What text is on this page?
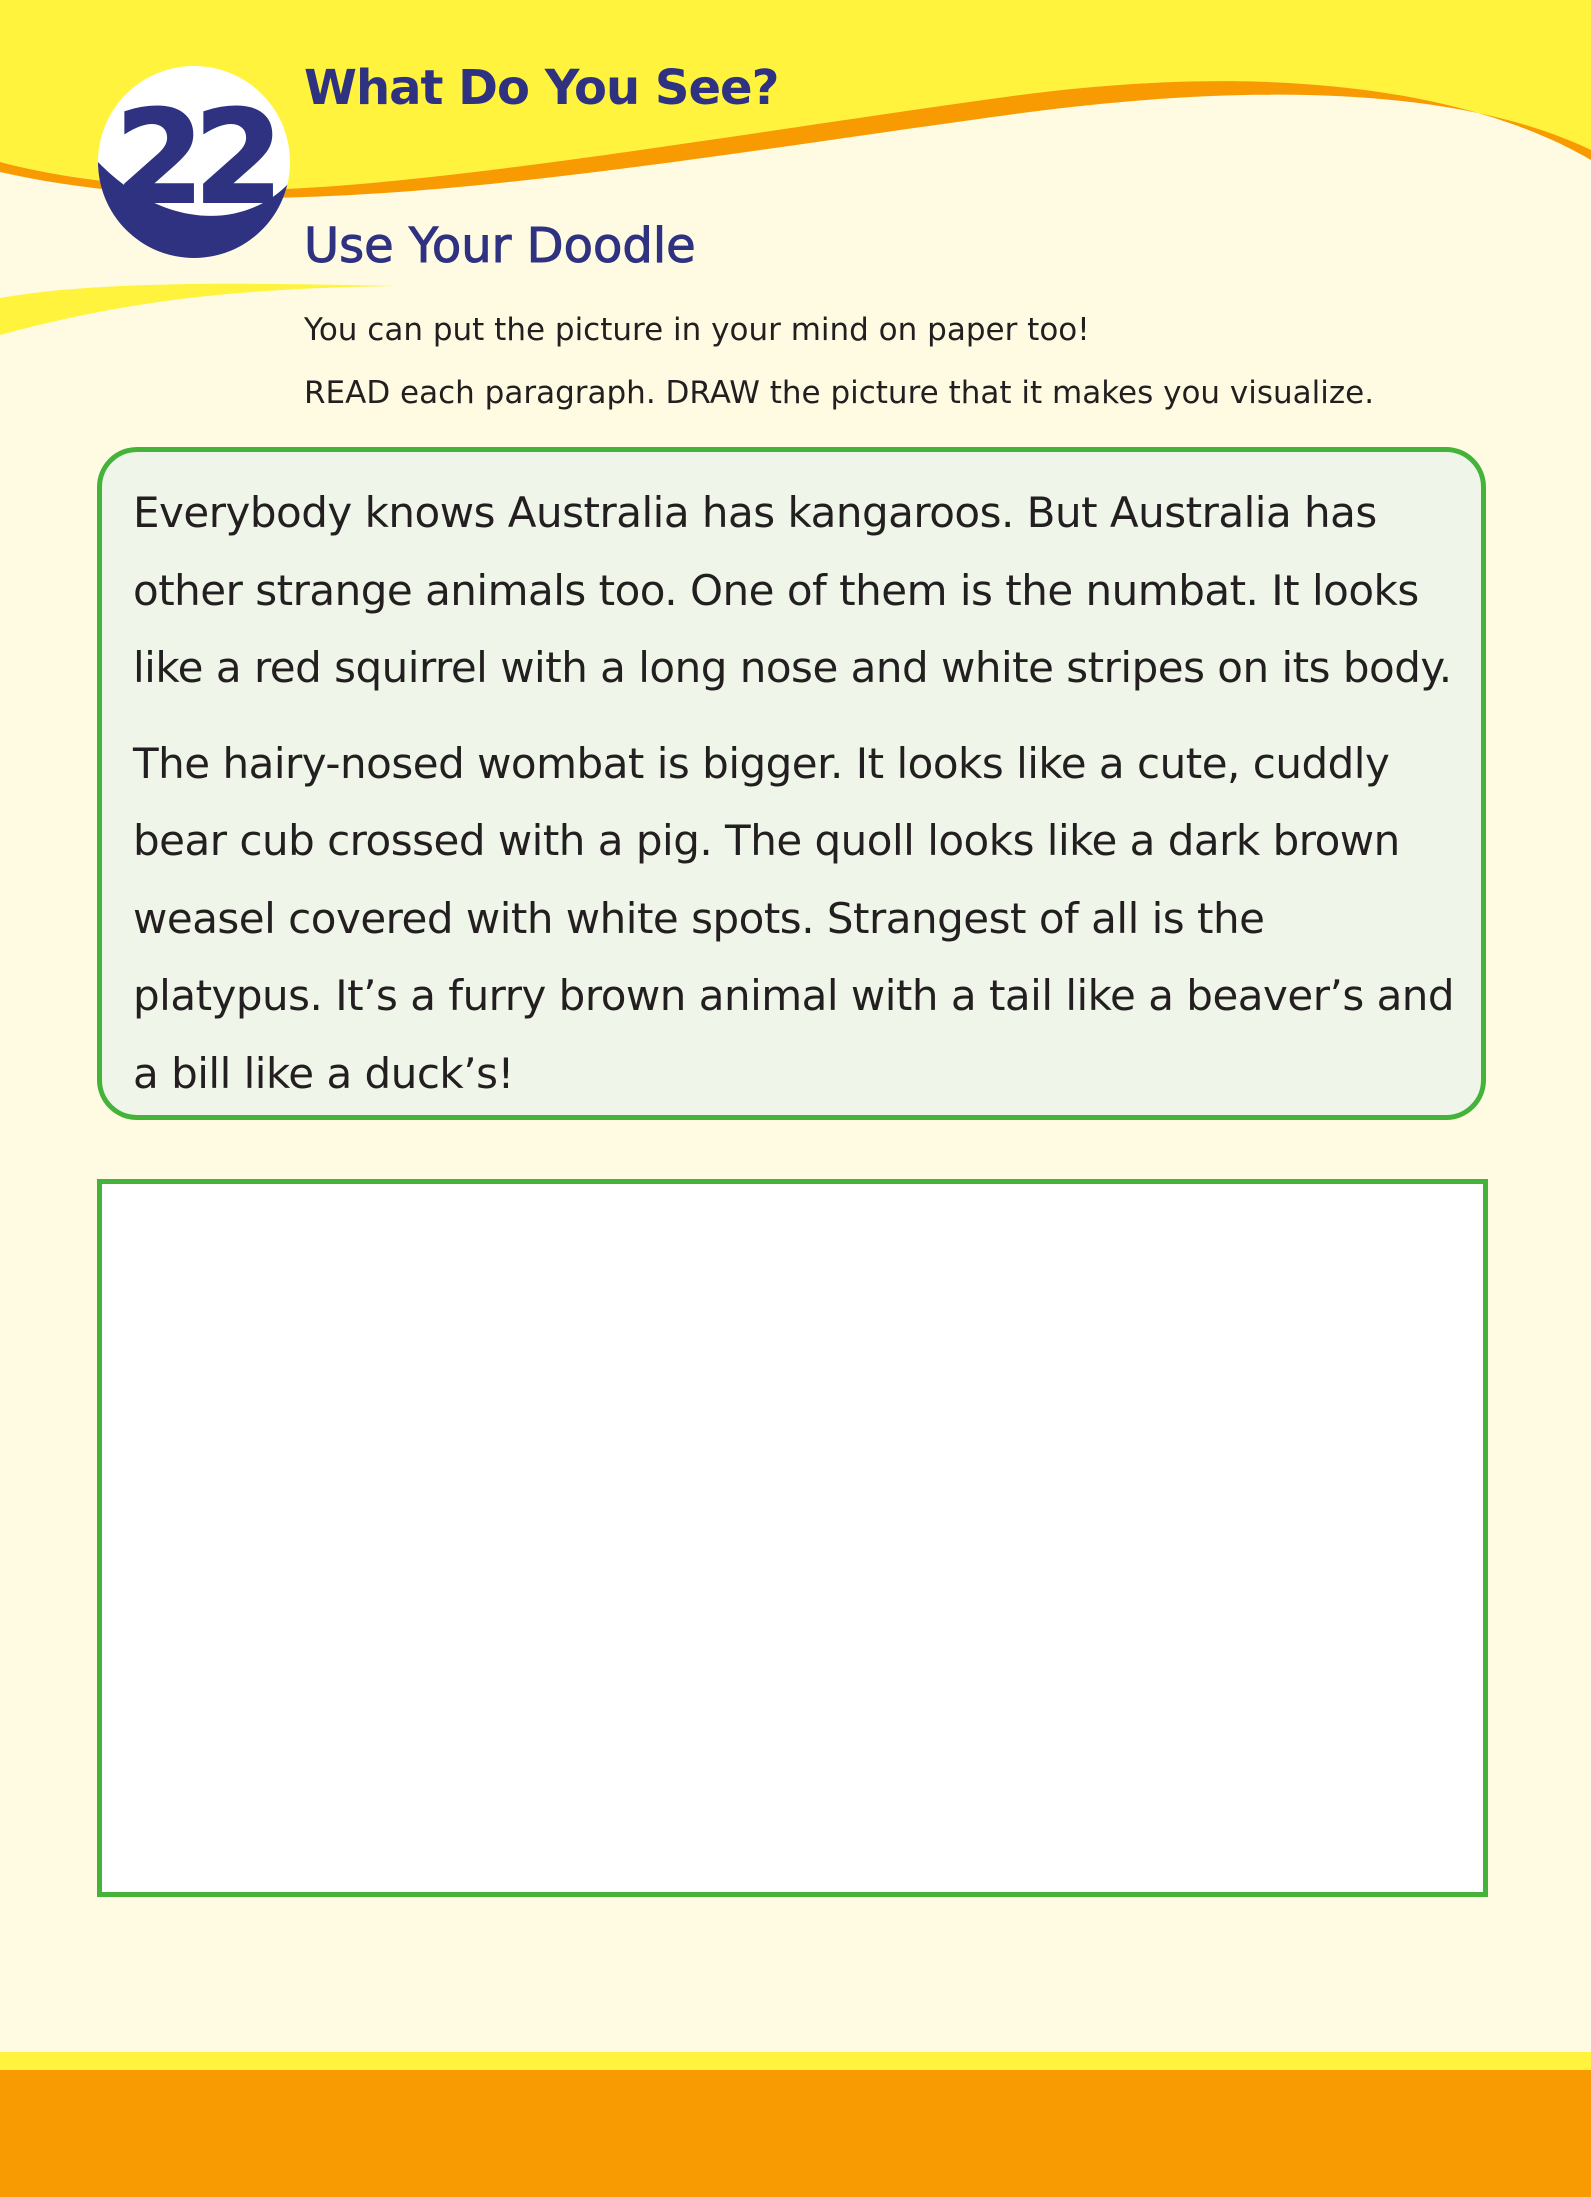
22 What Do You See?
Use Your Doodle

You can put the picture in your mind on paper too!

READ each paragraph. DRAW the picture that it makes you visualize.

Everybody knows Australia has kangaroos. But Australia has other strange animals too. One of them is the numbat. It looks like a red squirrel with a long nose and white stripes on its body.

The hairy-nosed wombat is bigger. It looks like a cute, cuddly bear cub crossed with a pig. The quoll looks like a dark brown weasel covered with white spots. Strangest of all is the platypus. It’s a furry brown animal with a tail like a beaver’s and a bill like a duck’s!
